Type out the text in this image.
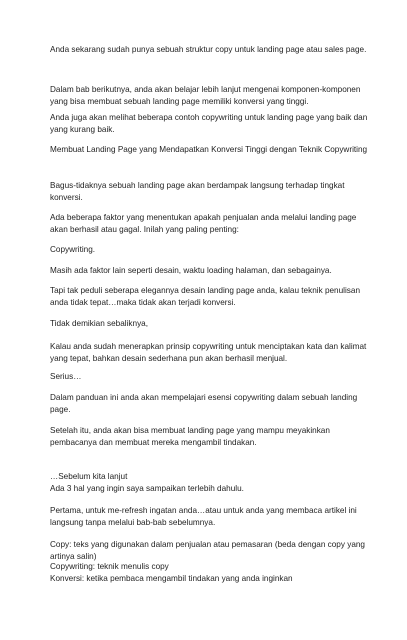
Anda sekarang sudah punya sebuah struktur copy untuk landing page atau sales page.
Dalam bab berikutnya, anda akan belajar lebih lanjut mengenai komponen-komponen yang bisa membuat sebuah landing page memiliki konversi yang tinggi.
Anda juga akan melihat beberapa contoh copywriting untuk landing page yang baik dan yang kurang baik.
Membuat Landing Page yang Mendapatkan Konversi Tinggi dengan Teknik Copywriting
Bagus-tidaknya sebuah landing page akan berdampak langsung terhadap tingkat konversi.
Ada beberapa faktor yang menentukan apakah penjualan anda melalui landing page akan berhasil atau gagal. Inilah yang paling penting:
Copywriting.
Masih ada faktor lain seperti desain, waktu loading halaman, dan sebagainya.
Tapi tak peduli seberapa elegannya desain landing page anda, kalau teknik penulisan anda tidak tepat…maka tidak akan terjadi konversi.
Tidak demikian sebaliknya,
Kalau anda sudah menerapkan prinsip copywriting untuk menciptakan kata dan kalimat yang tepat, bahkan desain sederhana pun akan berhasil menjual.
Serius…
Dalam panduan ini anda akan mempelajari esensi copywriting dalam sebuah landing page.
Setelah itu, anda akan bisa membuat landing page yang mampu meyakinkan pembacanya dan membuat mereka mengambil tindakan.
…Sebelum kita lanjut
Ada 3 hal yang ingin saya sampaikan terlebih dahulu.
Pertama, untuk me-refresh ingatan anda…atau untuk anda yang membaca artikel ini langsung tanpa melalui bab-bab sebelumnya.
Copy: teks yang digunakan dalam penjualan atau pemasaran (beda dengan copy yang artinya salin)
Copywriting: teknik menulis copy
Konversi: ketika pembaca mengambil tindakan yang anda inginkan
